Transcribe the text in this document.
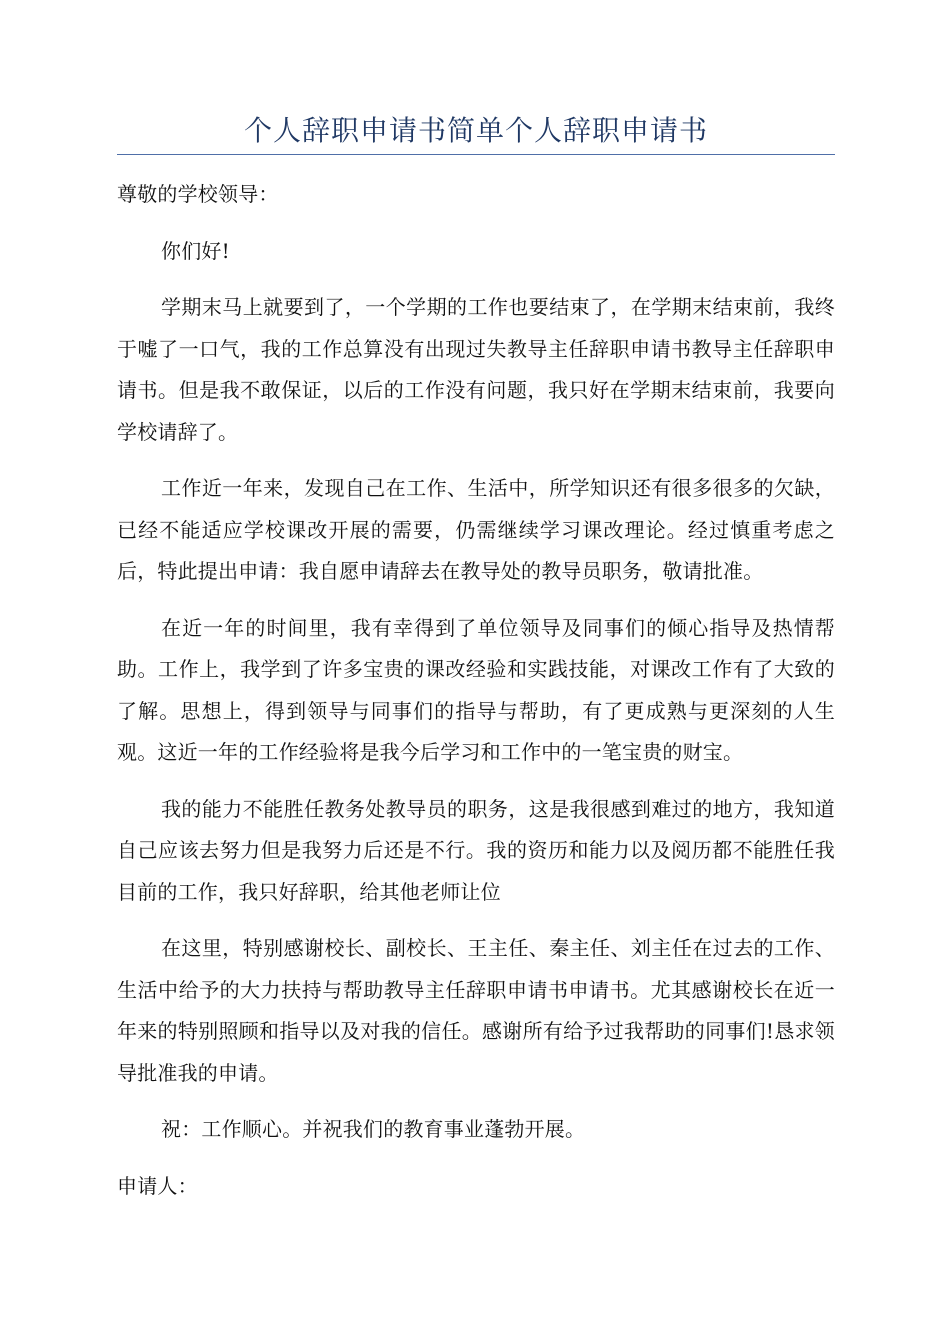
个人辞职申请书简单个人辞职申请书

尊敬的学校领导：

你们好!

学期末马上就要到了，一个学期的工作也要结束了，在学期末结束前，我终于嘘了一口气，我的工作总算没有出现过失教导主任辞职申请书教导主任辞职申请书。但是我不敢保证，以后的工作没有问题，我只好在学期末结束前，我要向学校请辞了。

工作近一年来，发现自己在工作、生活中，所学知识还有很多很多的欠缺，已经不能适应学校课改开展的需要，仍需继续学习课改理论。经过慎重考虑之后，特此提出申请：我自愿申请辞去在教导处的教导员职务，敬请批准。

在近一年的时间里，我有幸得到了单位领导及同事们的倾心指导及热情帮助。工作上，我学到了许多宝贵的课改经验和实践技能，对课改工作有了大致的了解。思想上，得到领导与同事们的指导与帮助，有了更成熟与更深刻的人生观。这近一年的工作经验将是我今后学习和工作中的一笔宝贵的财宝。

我的能力不能胜任教务处教导员的职务，这是我很感到难过的地方，我知道自己应该去努力但是我努力后还是不行。我的资历和能力以及阅历都不能胜任我目前的工作，我只好辞职，给其他老师让位

在这里，特别感谢校长、副校长、王主任、秦主任、刘主任在过去的工作、生活中给予的大力扶持与帮助教导主任辞职申请书申请书。尤其感谢校长在近一年来的特别照顾和指导以及对我的信任。感谢所有给予过我帮助的同事们!恳求领导批准我的申请。

祝：工作顺心。并祝我们的教育事业蓬勃开展。

申请人：
